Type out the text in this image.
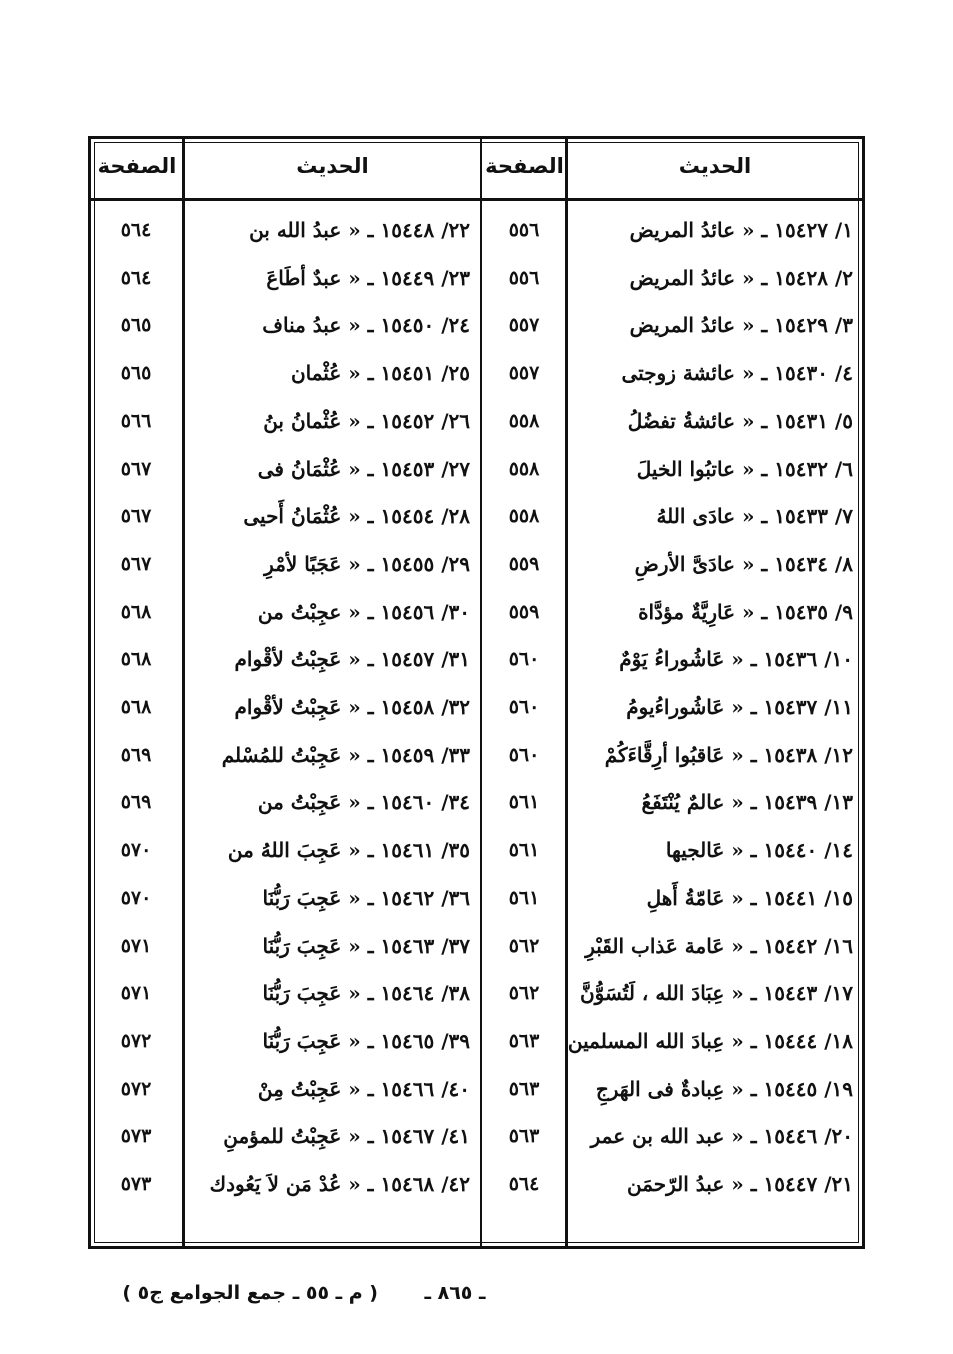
الحديث
الصفحة
الحديث
الصفحة
١/ ١٥٤٢٧ ـ « عائدُ المريض
٥٥٦
٢/ ١٥٤٢٨ ـ « عائدُ المريض
٥٥٦
٣/ ١٥٤٢٩ ـ « عائدُ المريض
٥٥٧
٤/ ١٥٤٣٠ ـ « عائشة زوجتى
٥٥٧
٥/ ١٥٤٣١ ـ « عائشةُ تفضُلُ
٥٥٨
٦/ ١٥٤٣٢ ـ « عاتبُوا الخيلَ
٥٥٨
٧/ ١٥٤٣٣ ـ « عادَى اللهُ
٥٥٨
٨/ ١٥٤٣٤ ـ « عادَىَّ الأرضِ
٥٥٩
٩/ ١٥٤٣٥ ـ « عَارِيَّةٌ مؤدَّاة
٥٥٩
١٠/ ١٥٤٣٦ ـ « عَاشُوراءُ يَوْمٌ
٥٦٠
١١/ ١٥٤٣٧ ـ « عَاشُوراءُيومُ
٥٦٠
١٢/ ١٥٤٣٨ ـ « عَاقبُوا أرِقَّاءَكُمْ
٥٦٠
١٣/ ١٥٤٣٩ ـ « عالمٌ يُنْتَفَعُ
٥٦١
١٤/ ١٥٤٤٠ ـ « عَالجيها
٥٦١
١٥/ ١٥٤٤١ ـ « عَامّةُ أَهلِ
٥٦١
١٦/ ١٥٤٤٢ ـ « عَامة عَذاب القَبْرِ
٥٦٢
١٧/ ١٥٤٤٣ ـ « عِبَادَ الله ، لَتُسَوُّنَّ
٥٦٢
١٨/ ١٥٤٤٤ ـ « عِبادَ الله المسلمين
٥٦٣
١٩/ ١٥٤٤٥ ـ « عِبادةٌ فى الهَرجِ
٥٦٣
٢٠/ ١٥٤٤٦ ـ « عبد الله بن عمر
٥٦٣
٢١/ ١٥٤٤٧ ـ « عبدُ الرّحمَن
٥٦٤
٢٢/ ١٥٤٤٨ ـ « عبدُ الله بن
٥٦٤
٢٣/ ١٥٤٤٩ ـ « عبدٌ أطَاعَ
٥٦٤
٢٤/ ١٥٤٥٠ ـ « عبدُ مناف
٥٦٥
٢٥/ ١٥٤٥١ ـ « عُثْمان
٥٦٥
٢٦/ ١٥٤٥٢ ـ « عُثْمانُ بنُ
٥٦٦
٢٧/ ١٥٤٥٣ ـ « عُثْمَانُ فى
٥٦٧
٢٨/ ١٥٤٥٤ ـ « عُثْمَانُ أَحيى
٥٦٧
٢٩/ ١٥٤٥٥ ـ « عَجَبًا لأمْرِ
٥٦٧
٣٠/ ١٥٤٥٦ ـ « عجِبْتُ من
٥٦٨
٣١/ ١٥٤٥٧ ـ « عَجِبْتُ لأقْوام
٥٦٨
٣٢/ ١٥٤٥٨ ـ « عَجِبْتُ لأقْوام
٥٦٨
٣٣/ ١٥٤٥٩ ـ « عَجِبْتُ للمُسْلم
٥٦٩
٣٤/ ١٥٤٦٠ ـ « عَجِبْتُ من
٥٦٩
٣٥/ ١٥٤٦١ ـ « عَجِبَ اللهُ من
٥٧٠
٣٦/ ١٥٤٦٢ ـ « عَجِبَ رَبُّنَا
٥٧٠
٣٧/ ١٥٤٦٣ ـ « عَجِبَ رَبُّنَا
٥٧١
٣٨/ ١٥٤٦٤ ـ « عَجِبَ رَبُّنَا
٥٧١
٣٩/ ١٥٤٦٥ ـ « عَجِبَ رَبُّنَا
٥٧٢
٤٠/ ١٥٤٦٦ ـ « عَجِبْتُ مِنْ
٥٧٢
٤١/ ١٥٤٦٧ ـ « عَجِبْتُ للمؤمنِ
٥٧٣
٤٢/ ١٥٤٦٨ ـ « عُدْ مَن لاَ يَعُودك
٥٧٣
ـ ٨٦٥ ـ
( م ـ ٥٥ ـ جمع الجوامع ج٥ )
